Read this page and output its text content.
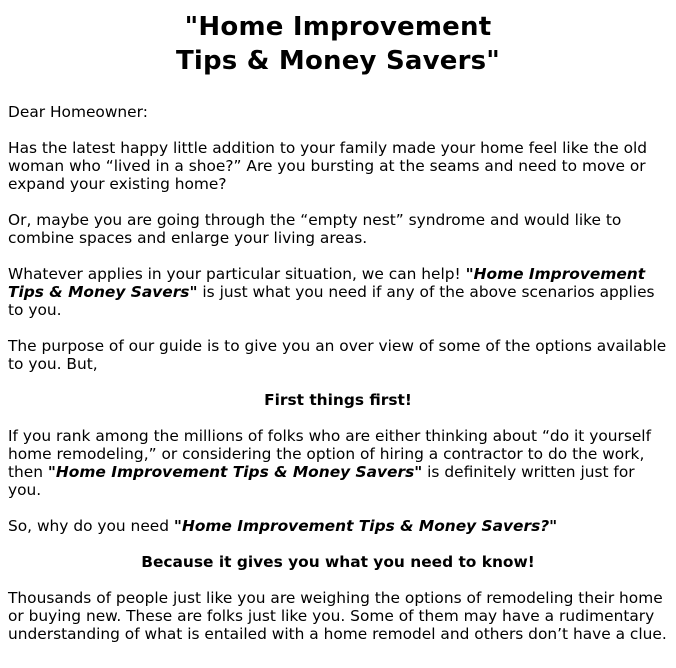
"Home Improvement
Tips & Money Savers"

Dear Homeowner:

Has the latest happy little addition to your family made your home feel like the old woman who “lived in a shoe?” Are you bursting at the seams and need to move or expand your existing home?

Or, maybe you are going through the “empty nest” syndrome and would like to combine spaces and enlarge your living areas.

Whatever applies in your particular situation, we can help! "Home Improvement Tips & Money Savers" is just what you need if any of the above scenarios applies to you.

The purpose of our guide is to give you an over view of some of the options available to you. But,

First things first!

If you rank among the millions of folks who are either thinking about “do it yourself home remodeling,” or considering the option of hiring a contractor to do the work, then "Home Improvement Tips & Money Savers" is definitely written just for you.

So, why do you need "Home Improvement Tips & Money Savers?"

Because it gives you what you need to know!

Thousands of people just like you are weighing the options of remodeling their home or buying new. These are folks just like you. Some of them may have a rudimentary understanding of what is entailed with a home remodel and others don’t have a clue.
